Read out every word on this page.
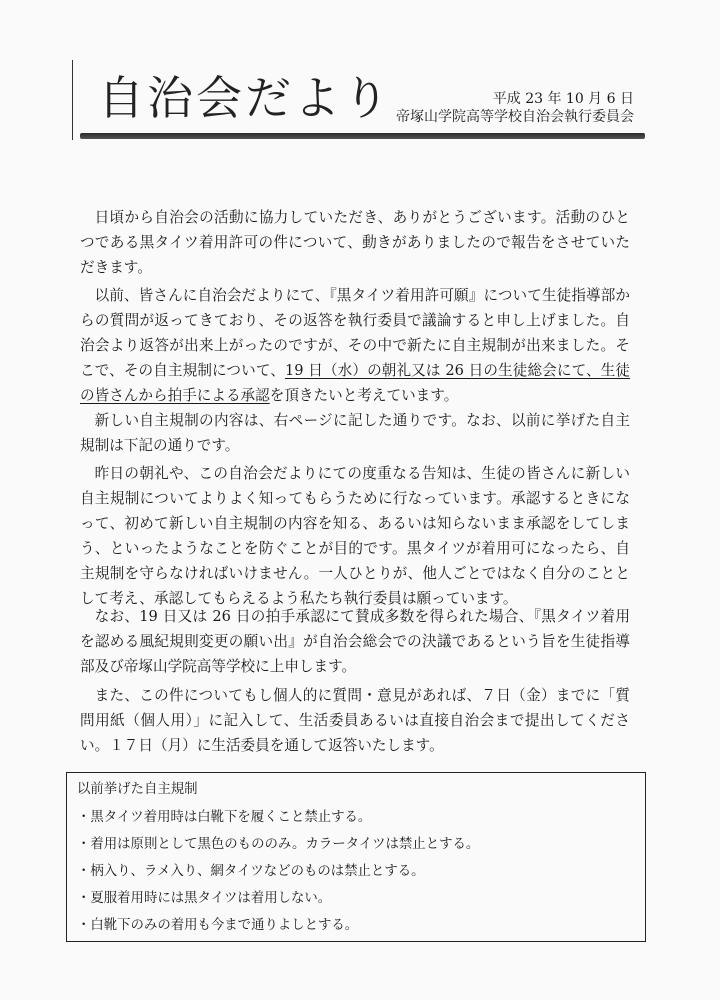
自治会だより	平成 23 年 10 月 6 日
帝塚山学院高等学校自治会執行委員会

日頃から自治会の活動に協力していただき、ありがとうございます。活動のひとつである黒タイツ着用許可の件について、動きがありましたので報告をさせていただきます。

以前、皆さんに自治会だよりにて、『黒タイツ着用許可願』について生徒指導部からの質問が返ってきており、その返答を執行委員で議論すると申し上げました。自治会より返答が出来上がったのですが、その中で新たに自主規制が出来ました。そこで、その自主規制について、19 日（水）の朝礼又は 26 日の生徒総会にて、生徒の皆さんから拍手による承認を頂きたいと考えています。

新しい自主規制の内容は、右ページに記した通りです。なお、以前に挙げた自主規制は下記の通りです。

昨日の朝礼や、この自治会だよりにての度重なる告知は、生徒の皆さんに新しい自主規制についてよりよく知ってもらうために行なっています。承認するときになって、初めて新しい自主規制の内容を知る、あるいは知らないまま承認をしてしまう、といったようなことを防ぐことが目的です。黒タイツが着用可になったら、自主規制を守らなければいけません。一人ひとりが、他人ごとではなく自分のこととして考え、承認してもらえるよう私たち執行委員は願っています。

なお、19 日又は 26 日の拍手承認にて賛成多数を得られた場合、『黒タイツ着用を認める風紀規則変更の願い出』が自治会総会での決議であるという旨を生徒指導部及び帝塚山学院高等学校に上申します。

また、この件についてもし個人的に質問・意見があれば、７日（金）までに「質問用紙（個人用）」に記入して、生活委員あるいは直接自治会まで提出してください。１７日（月）に生活委員を通して返答いたします。

以前挙げた自主規制

・黒タイツ着用時は白靴下を履くこと禁止する。

・着用は原則として黒色のもののみ。カラータイツは禁止とする。

・柄入り、ラメ入り、網タイツなどのものは禁止とする。

・夏服着用時には黒タイツは着用しない。

・白靴下のみの着用も今まで通りよしとする。
